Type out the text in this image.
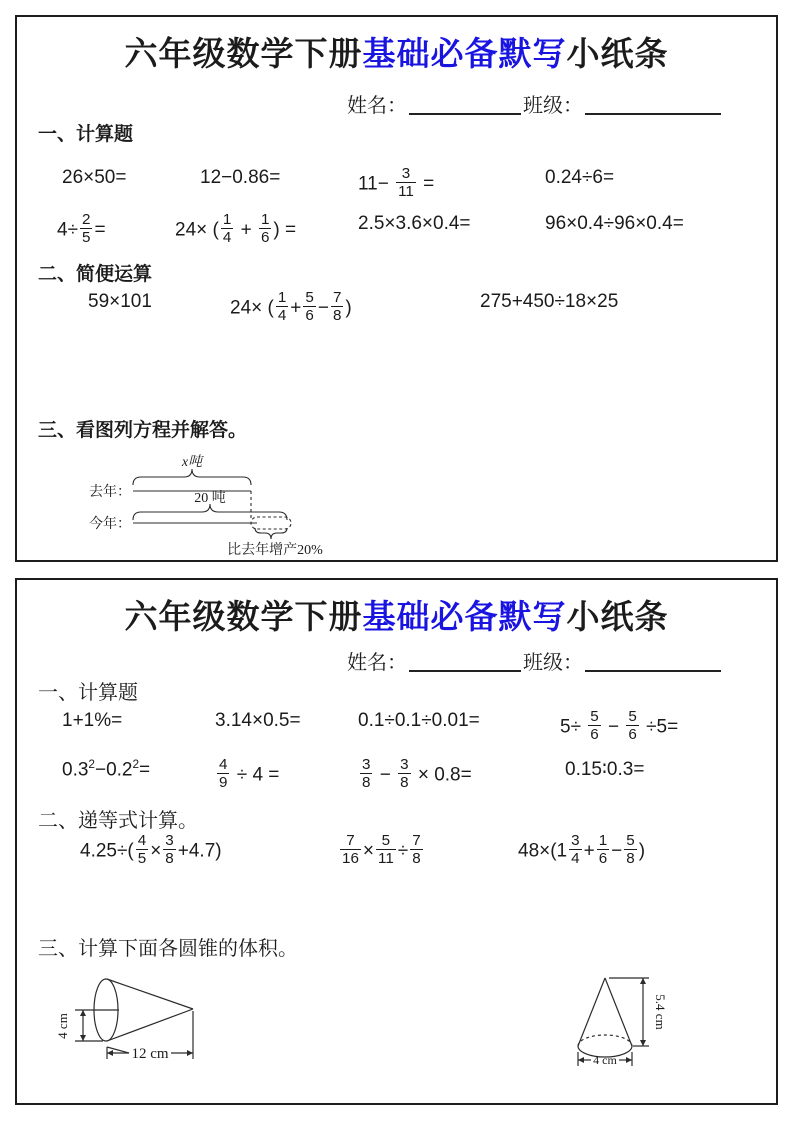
六年级数学下册基础必备默写小纸条
姓名：	班级：
一、计算题
26×50=	12−0.86=	$11- \frac{3}{11}$ =	0.24÷6=
$4\div \frac{2}{5}$ =	24× ( $\frac{1}{4} + \frac{1}{6}$ ) =	2.5×3.6×0.4=	96×0.4÷96×0.4=
二、简便运算
59×101	24× ( $\frac{1}{4} + \frac{5}{6} - \frac{7}{8}$ )	275+450÷18×25
三、看图列方程并解答。
x吨
去年：	20 吨
今年：
比去年增产20%
六年级数学下册基础必备默写小纸条
姓名：	班级：
一、计算题
1+1%=	3.14×0.5=	0.1÷0.1÷0.01=	$5\div \frac{5}{6} - \frac{5}{6} \div 5=$
$0.3^2-0.2^2=$	$\frac{4}{9} \div 4$ =	$\frac{3}{8} - \frac{3}{8} \times 0.8=$	0.15∶0.3=
二、递等式计算。
$4.25\div( \frac{4}{5} \times \frac{3}{8} +4.7)$	$\frac{7}{16} \times \frac{5}{11} \div \frac{7}{8}$	$48\times(1 \frac{3}{4} + \frac{1}{6} - \frac{5}{8}$ )
三、计算下面各圆锥的体积。
4 cm
12 cm
5.4 cm
4 cm
